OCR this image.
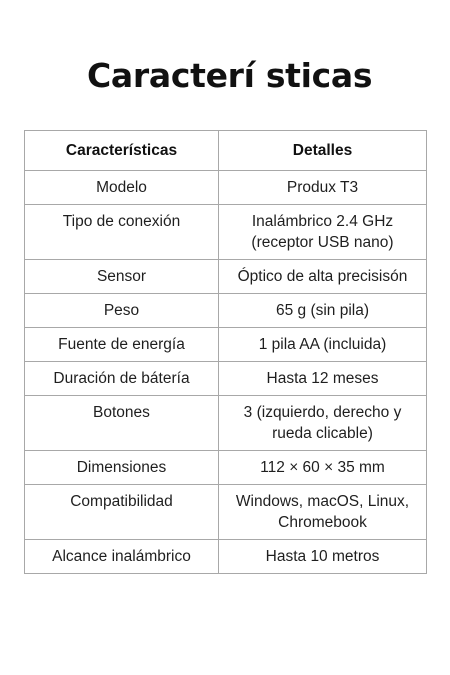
Caracterí sticas
Características	Detalles
Modelo	Produx T3
Tipo de conexión	Inalámbrico 2.4 GHz (receptor USB nano)
Sensor	Óptico de alta precisisón
Peso	65 g (sin pila)
Fuente de energía	1 pila AA (incluida)
Duración de bátería	Hasta 12 meses
Botones	3 (izquierdo, derecho y rueda clicable)
Dimensiones	112 × 60 × 35 mm
Compatibilidad	Windows, macOS, Linux, Chromebook
Alcance inalámbrico	Hasta 10 metros
